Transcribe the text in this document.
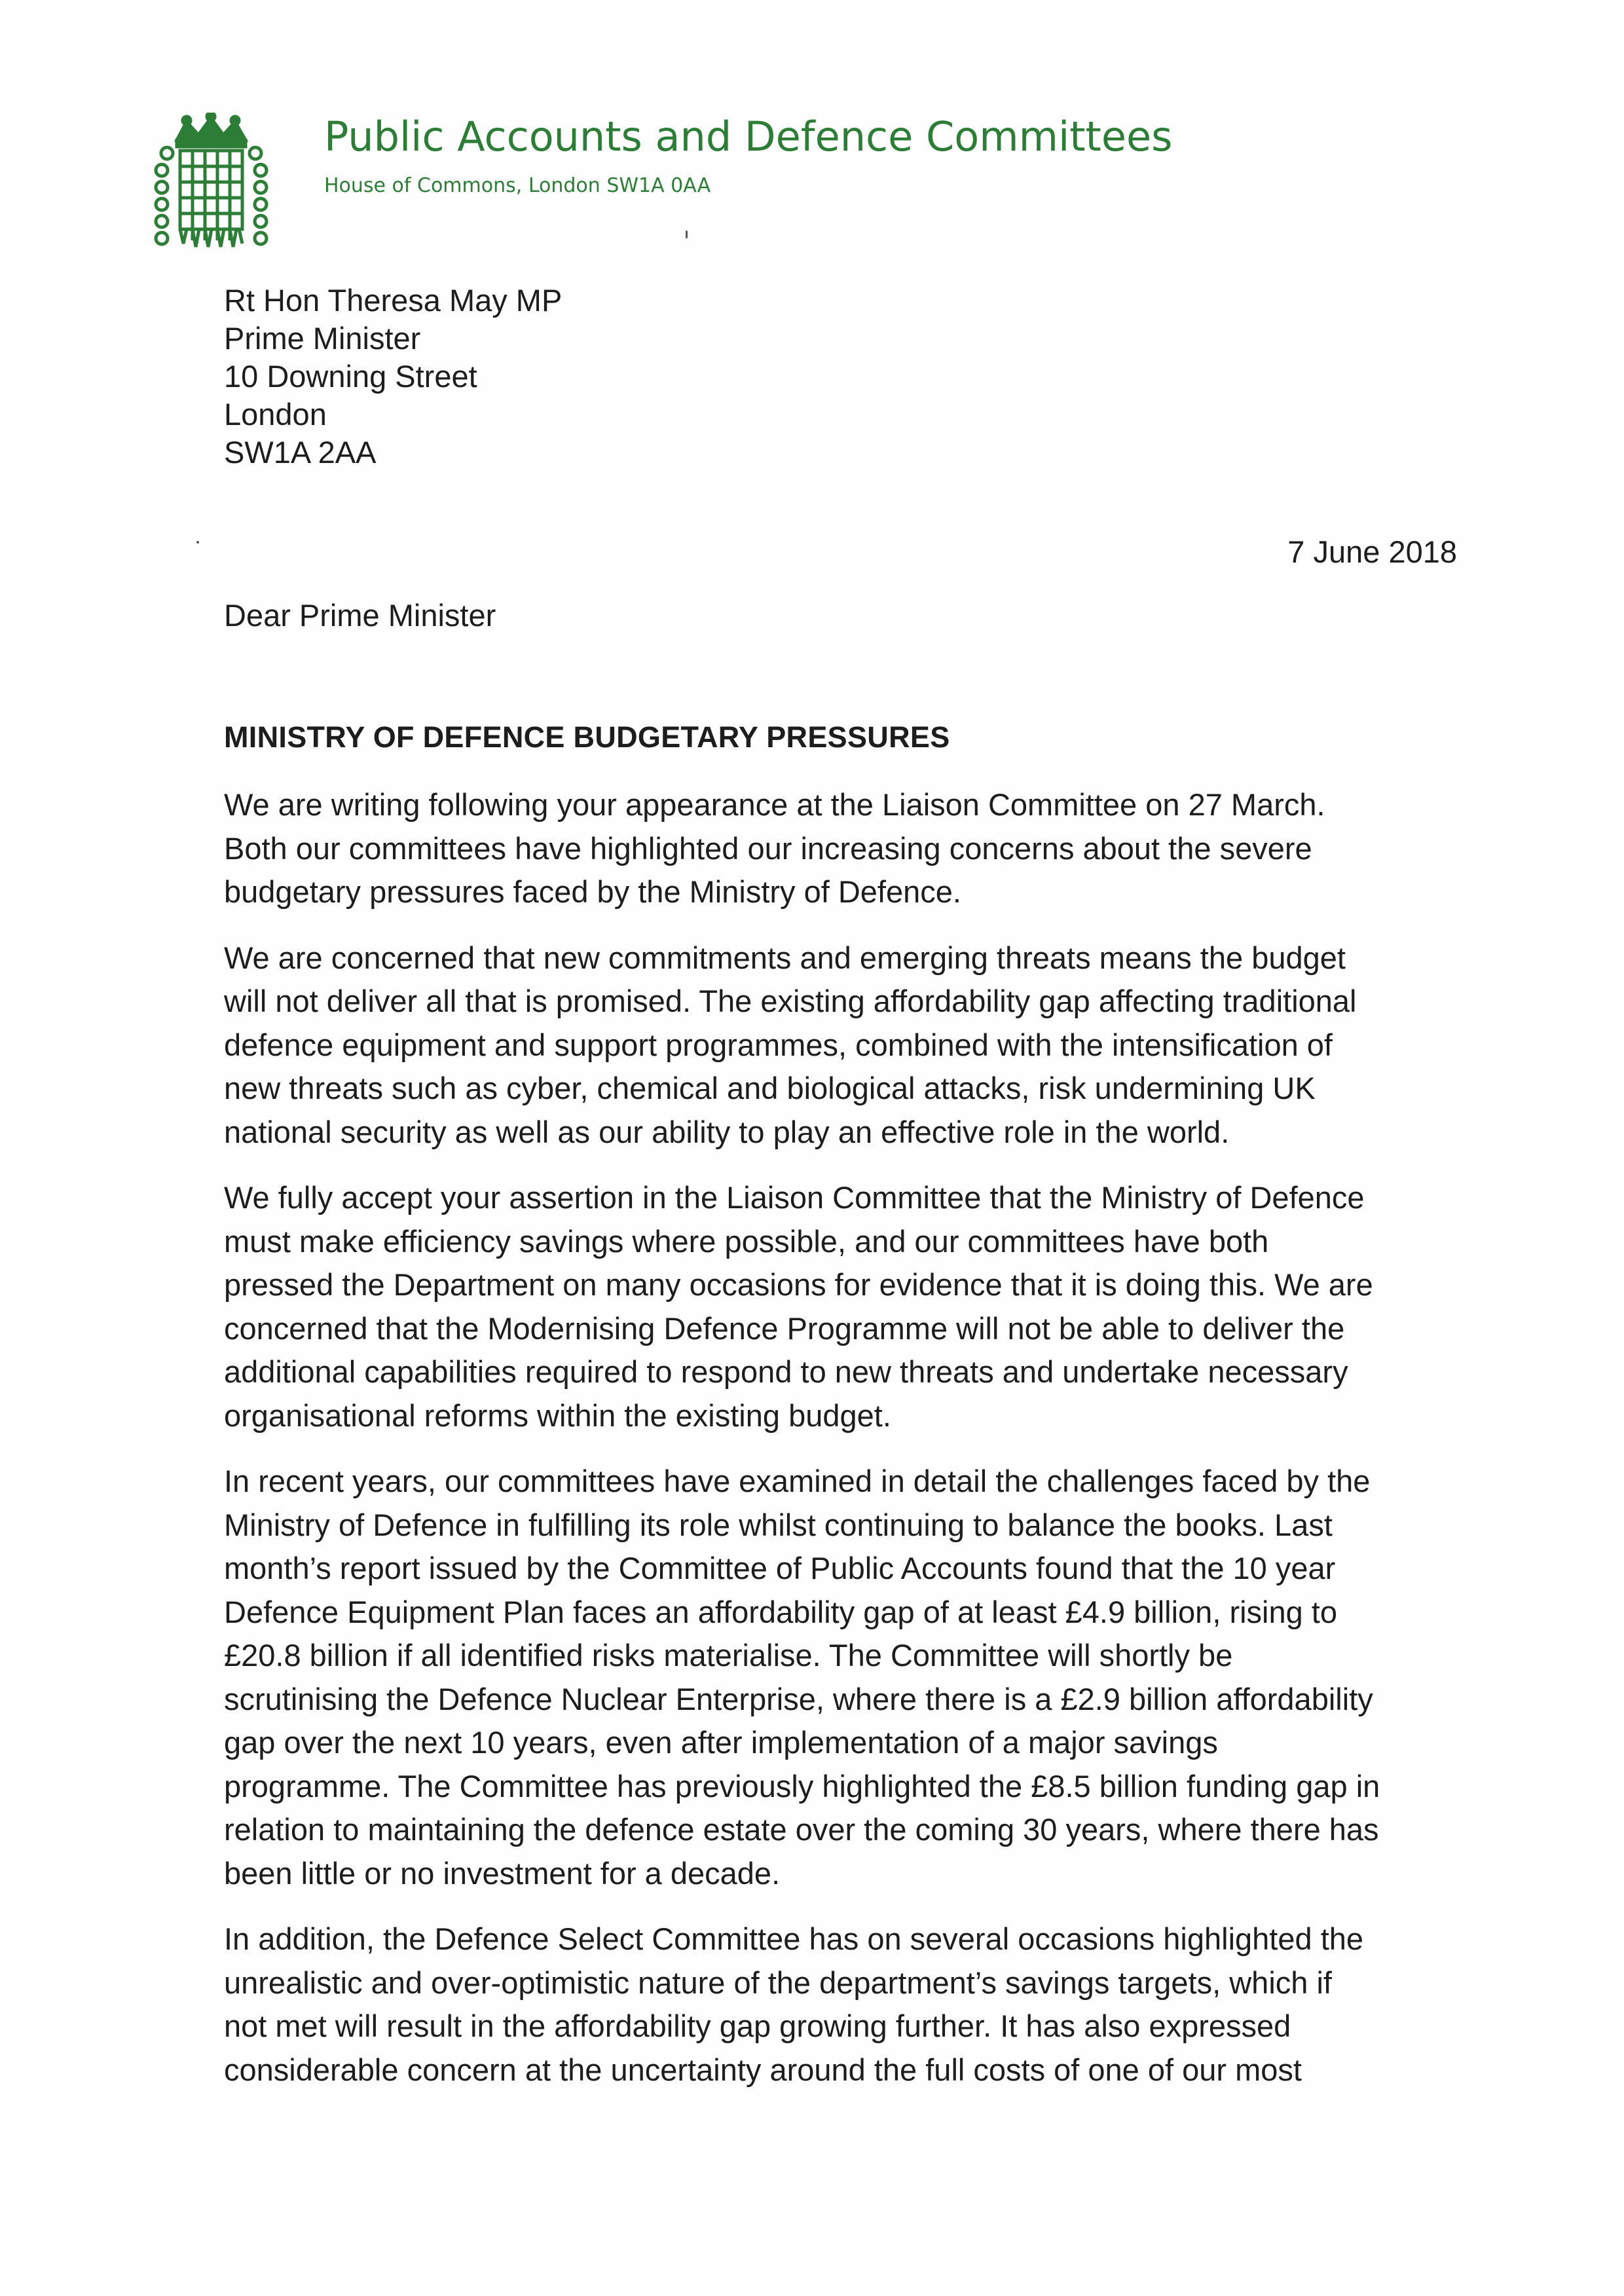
Public Accounts and Defence Committees
House of Commons, London SW1A 0AA
Rt Hon Theresa May MP
Prime Minister
10 Downing Street
London
SW1A 2AA
7 June 2018
Dear Prime Minister
MINISTRY OF DEFENCE BUDGETARY PRESSURES

We are writing following your appearance at the Liaison Committee on 27 March.
Both our committees have highlighted our increasing concerns about the severe
budgetary pressures faced by the Ministry of Defence.

We are concerned that new commitments and emerging threats means the budget
will not deliver all that is promised. The existing affordability gap affecting traditional
defence equipment and support programmes, combined with the intensification of
new threats such as cyber, chemical and biological attacks, risk undermining UK
national security as well as our ability to play an effective role in the world.

We fully accept your assertion in the Liaison Committee that the Ministry of Defence
must make efficiency savings where possible, and our committees have both
pressed the Department on many occasions for evidence that it is doing this. We are
concerned that the Modernising Defence Programme will not be able to deliver the
additional capabilities required to respond to new threats and undertake necessary
organisational reforms within the existing budget.

In recent years, our committees have examined in detail the challenges faced by the
Ministry of Defence in fulfilling its role whilst continuing to balance the books. Last
month’s report issued by the Committee of Public Accounts found that the 10 year
Defence Equipment Plan faces an affordability gap of at least £4.9 billion, rising to
£20.8 billion if all identified risks materialise. The Committee will shortly be
scrutinising the Defence Nuclear Enterprise, where there is a £2.9 billion affordability
gap over the next 10 years, even after implementation of a major savings
programme. The Committee has previously highlighted the £8.5 billion funding gap in
relation to maintaining the defence estate over the coming 30 years, where there has
been little or no investment for a decade.

In addition, the Defence Select Committee has on several occasions highlighted the
unrealistic and over-optimistic nature of the department’s savings targets, which if
not met will result in the affordability gap growing further. It has also expressed
considerable concern at the uncertainty around the full costs of one of our most
